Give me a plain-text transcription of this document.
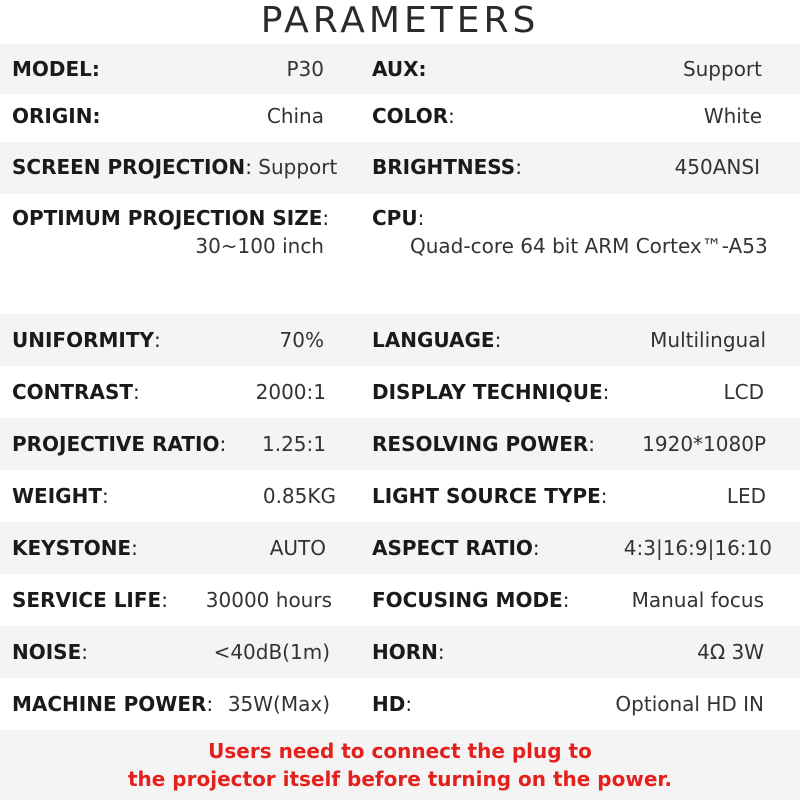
PARAMETERS
MODEL:	P30 AUX:	Support
ORIGIN:	China COLOR:	White
SCREEN PROJECTION: Support BRIGHTNESS:	450ANSI
OPTIMUM PROJECTION SIZE:
30~100 inch
CPU:
Quad-core 64 bit ARM Cortex™-A53
UNIFORMITY:	70% LANGUAGE:	Multilingual
CONTRAST:	2000:1 DISPLAY TECHNIQUE:	LCD
PROJECTIVE RATIO:	1.25:1 RESOLVING POWER:	1920*1080P
WEIGHT:	0.85KG LIGHT SOURCE TYPE:	LED
KEYSTONE:	AUTO ASPECT RATIO:	4:3|16:9|16:10
SERVICE LIFE:	30000 hours FOCUSING MODE:	Manual focus
NOISE:	<40dB(1m) HORN:	4Ω 3W
MACHINE POWER: 35W(Max) HD:	Optional HD IN
Users need to connect the plug to
the projector itself before turning on the power.
